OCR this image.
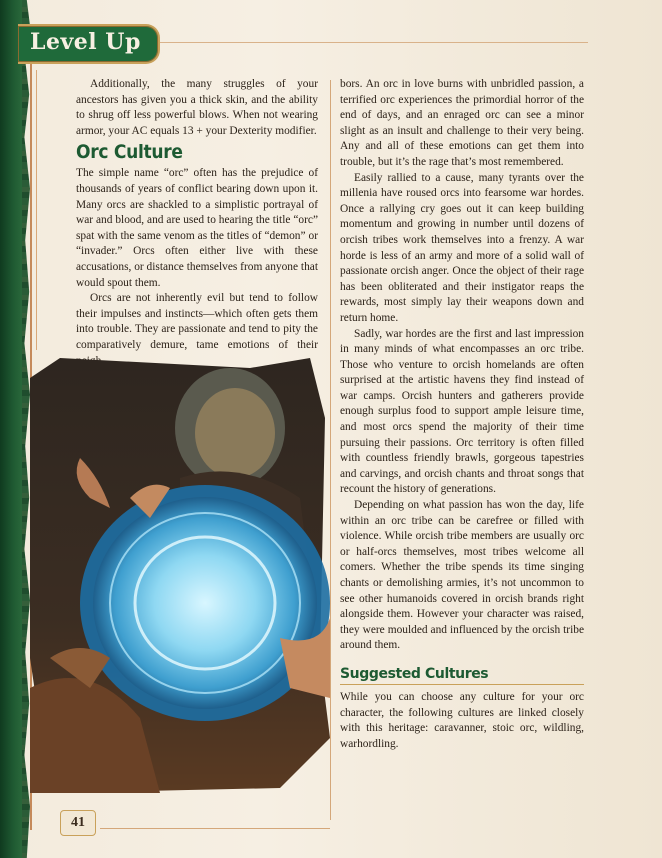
Level Up

Additionally, the many struggles of your ancestors has given you a thick skin, and the ability to shrug off less powerful blows. When not wearing armor, your AC equals 13 + your Dexterity modifier.

Orc Culture

The simple name “orc” often has the prejudice of thousands of years of conflict bearing down upon it. Many orcs are shackled to a simplistic portrayal of war and blood, and are used to hearing the title “orc” spat with the same venom as the titles of “demon” or “invader.” Orcs often either live with these accusations, or distance themselves from anyone that would spout them.

Orcs are not inherently evil but tend to follow their impulses and instincts—which often gets them into trouble. They are passionate and tend to pity the comparatively demure, tame emotions of their

bors. An orc in love burns with unbridled passion, a terrified orc experiences the primordial horror of the end of days, and an enraged orc can see a minor slight as an insult and challenge to their very being. Any and all of these emotions can get them into trouble, but it’s the rage that’s most remembered.

Easily rallied to a cause, many tyrants over the millenia have roused orcs into fearsome war hordes. Once a rallying cry goes out it can keep building momentum and growing in number until dozens of orcish tribes work themselves into a frenzy. A war horde is less of an army and more of a solid wall of passionate orcish anger. Once the object of their rage has been obliterated and their instigator reaps the rewards, most simply lay their weapons down and return home.

Sadly, war hordes are the first and last impression in many minds of what encompasses an orc tribe. Those who venture to orcish homelands are often surprised at the artistic havens they find instead of war camps. Orcish hunters and gatherers provide enough surplus food to support ample leisure time, and most orcs spend the majority of their time pursuing their passions. Orc territory is often filled with countless friendly brawls, gorgeous tapestries and carvings, and orcish chants and throat songs that recount the history of generations.

Depending on what passion has won the day, life within an orc tribe can be carefree or filled with violence. While orcish tribe members are usually orc or half-orcs themselves, most tribes welcome all comers. Whether the tribe spends its time singing chants or demolishing armies, it’s not uncommon to see other humanoids covered in orcish brands right alongside them. However your character was raised, they were moulded and influenced by the orcish tribe around them.

Suggested Cultures

While you can choose any culture for your orc character, the following cultures are linked closely with this heritage: caravanner, stoic orc, wildling, warhordling.

41
